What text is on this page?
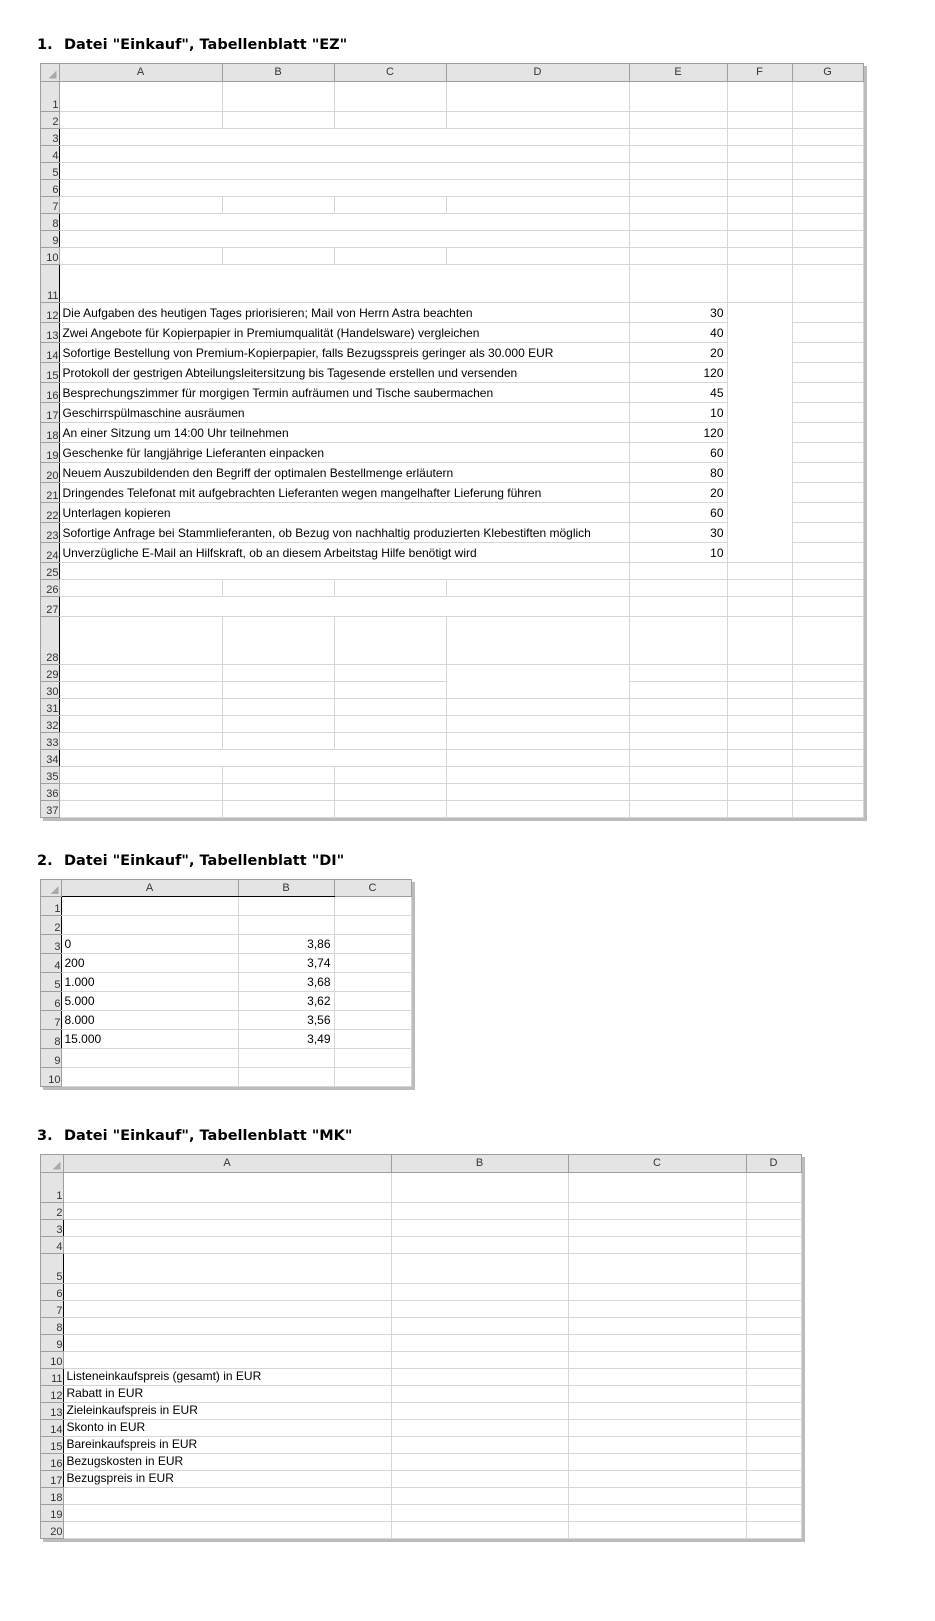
1. Datei "Einkauf", Tabellenblatt "EZ"
	A	B	C	D	E	F	G
1							
2							
3							
4							
5							
6							
7							
8							
9							
10							
11							
12	Die Aufgaben des heutigen Tages priorisieren; Mail von Herrn Astra beachten				30		
13	Zwei Angebote für Kopierpapier in Premiumqualität (Handelsware) vergleichen				40		
14	Sofortige Bestellung von Premium-Kopierpapier, falls Bezugsspreis geringer als 30.000 EUR				20		
15	Protokoll der gestrigen Abteilungsleitersitzung bis Tagesende erstellen und versenden				120		
16	Besprechungszimmer für morgigen Termin aufräumen und Tische saubermachen				45		
17	Geschirrspülmaschine ausräumen				10		
18	An einer Sitzung um 14:00 Uhr teilnehmen				120		
19	Geschenke für langjährige Lieferanten einpacken				60		
20	Neuem Auszubildenden den Begriff der optimalen Bestellmenge erläutern				80		
21	Dringendes Telefonat mit aufgebrachten Lieferanten wegen mangelhafter Lieferung führen				20		
22	Unterlagen kopieren				60		
23	Sofortige Anfrage bei Stammlieferanten, ob Bezug von nachhaltig produzierten Klebestiften möglich				30		
24	Unverzügliche E-Mail an Hilfskraft, ob an diesem Arbeitstag Hilfe benötigt wird				10		
25							
26							
27							
28							
29							
30							
31							
32							
33							
34							
35							
36							
37							
2. Datei "Einkauf", Tabellenblatt "DI"
	A	B	C
1			
2			
3	0	3,86	
4	200	3,74	
5	1.000	3,68	
6	5.000	3,62	
7	8.000	3,56	
8	15.000	3,49	
9			
10			
3. Datei "Einkauf", Tabellenblatt "MK"
	A	B	C	D
1				
2				
3				
4				
5				
6				
7				
8				
9				
10				
11	Listeneinkaufspreis (gesamt) in EUR			
12	Rabatt in EUR			
13	Zieleinkaufspreis in EUR			
14	Skonto in EUR			
15	Bareinkaufspreis in EUR			
16	Bezugskosten in EUR			
17	Bezugspreis in EUR			
18				
19				
20				
